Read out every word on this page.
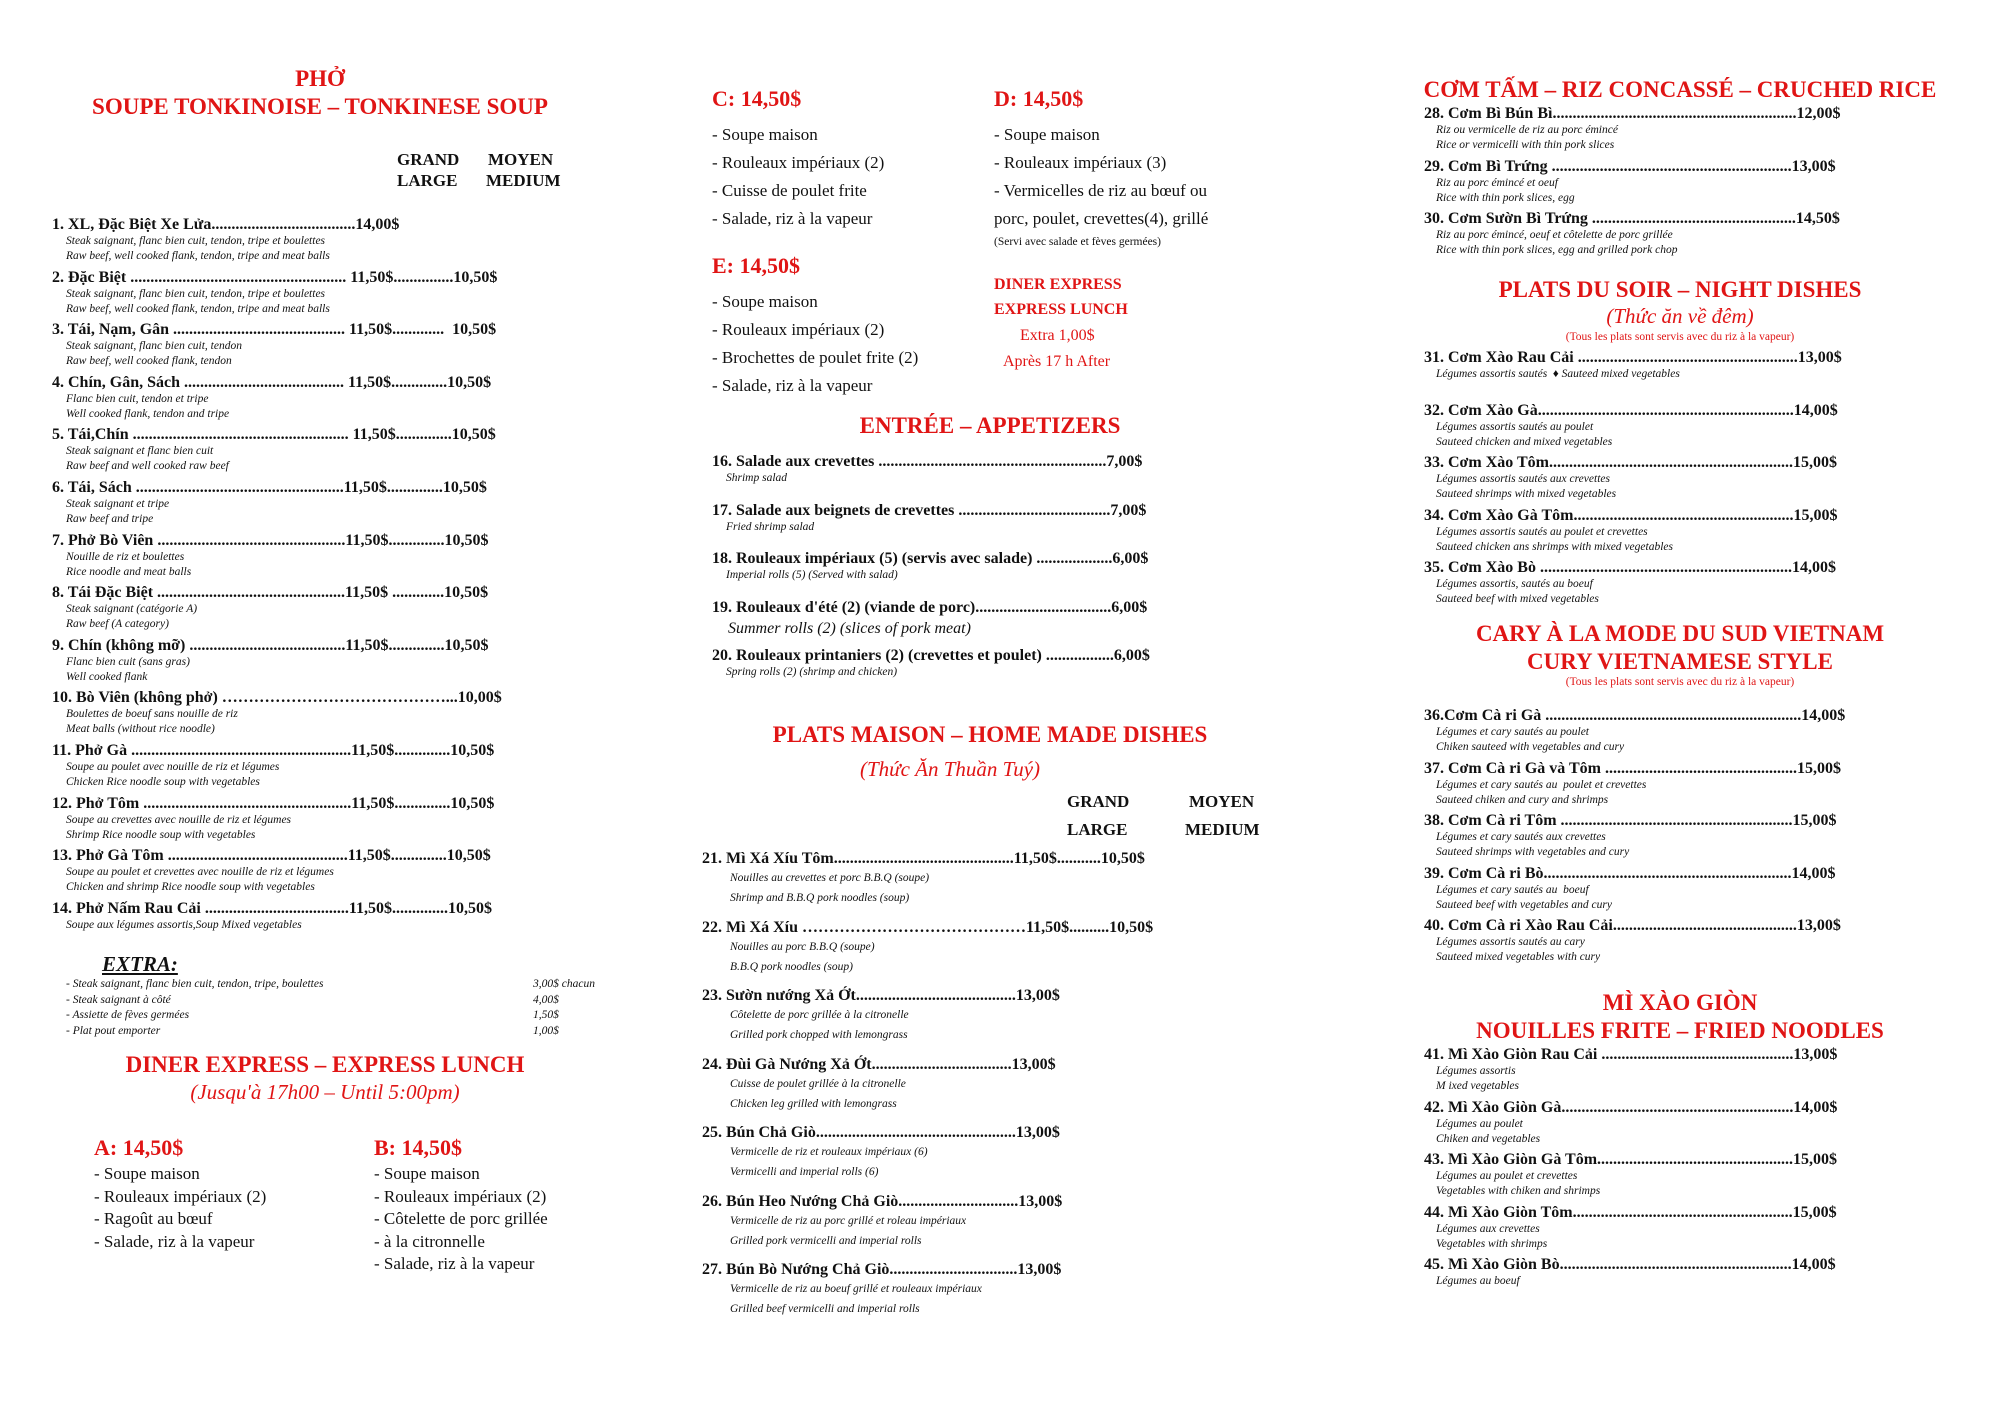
PHỞ
SOUPE TONKINOISE – TONKINESE SOUP
GRAND
LARGE
MOYEN
MEDIUM
1. XL, Đặc Biệt Xe Lửa....................................14,00$
Steak saignant, flanc bien cuit, tendon, tripe et boulettes
Raw beef, well cooked flank, tendon, tripe and meat balls
2. Đặc Biệt ...................................................... 11,50$...............10,50$
Steak saignant, flanc bien cuit, tendon, tripe et boulettes
Raw beef, well cooked flank, tendon, tripe and meat balls
3. Tái, Nạm, Gân ........................................... 11,50$.............  10,50$
Steak saignant, flanc bien cuit, tendon
Raw beef, well cooked flank, tendon
4. Chín, Gân, Sách ........................................ 11,50$..............10,50$
Flanc bien cuit, tendon et tripe
Well cooked flank, tendon and tripe
5. Tái,Chín ...................................................... 11,50$..............10,50$
Steak saignant et flanc bien cuit
Raw beef and well cooked raw beef
6. Tái, Sách ....................................................11,50$..............10,50$
Steak saignant et tripe
Raw beef and tripe
7. Phở Bò Viên ...............................................11,50$..............10,50$
Nouille de riz et boulettes
Rice noodle and meat balls
8. Tái Đặc Biệt ...............................................11,50$ .............10,50$
Steak saignant (catégorie A)
Raw beef (A category)
9. Chín (không mỡ) .......................................11,50$..............10,50$
Flanc bien cuit (sans gras)
Well cooked flank
10. Bò Viên (không phở) ……………………………………...10,00$
Boulettes de boeuf sans nouille de riz
Meat balls (without rice noodle)
11. Phở Gà .......................................................11,50$..............10,50$
Soupe au poulet avec nouille de riz et légumes
Chicken Rice noodle soup with vegetables
12. Phở Tôm ....................................................11,50$..............10,50$
Soupe au crevettes avec nouille de riz et légumes
Shrimp Rice noodle soup with vegetables
13. Phở Gà Tôm .............................................11,50$..............10,50$
Soupe au poulet et crevettes avec nouille de riz et légumes
Chicken and shrimp Rice noodle soup with vegetables
14. Phở Nấm Rau Cải ....................................11,50$..............10,50$
Soupe aux légumes assortis,Soup Mixed vegetables
EXTRA:
- Steak saignant, flanc bien cuit, tendon, tripe, boulettes	3,00$ chacun
- Steak saignant à côté	4,00$
- Assiette de fèves germées	1,50$
- Plat pout emporter	1,00$
DINER EXPRESS – EXPRESS LUNCH
(Jusqu'à 17h00 – Until 5:00pm)
A: 14,50$
- Soupe maison
- Rouleaux impériaux (2)
- Ragoût au bœuf
- Salade, riz à la vapeur
B: 14,50$
- Soupe maison
- Rouleaux impériaux (2)
- Côtelette de porc grillée
- à la citronnelle
- Salade, riz à la vapeur
C: 14,50$
- Soupe maison
- Rouleaux impériaux (2)
- Cuisse de poulet frite
- Salade, riz à la vapeur
D: 14,50$
- Soupe maison
- Rouleaux impériaux (3)
- Vermicelles de riz au bœuf ou
porc, poulet, crevettes(4), grillé
(Servi avec salade et fèves germées)
E: 14,50$
- Soupe maison
- Rouleaux impériaux (2)
- Brochettes de poulet frite (2)
- Salade, riz à la vapeur
DINER EXPRESS
EXPRESS LUNCH
Extra 1,00$
Après 17 h After
ENTRÉE – APPETIZERS
16. Salade aux crevettes .........................................................7,00$
Shrimp salad
17. Salade aux beignets de crevettes ......................................7,00$
Fried shrimp salad
18. Rouleaux impériaux (5) (servis avec salade) ...................6,00$
Imperial rolls (5) (Served with salad)
19. Rouleaux d'été (2) (viande de porc)..................................6,00$
Summer rolls (2) (slices of pork meat)
20. Rouleaux printaniers (2) (crevettes et poulet) .................6,00$
Spring rolls (2) (shrimp and chicken)
PLATS MAISON – HOME MADE DISHES
(Thức Ăn Thuần Tuý)
GRAND
LARGE
MOYEN
MEDIUM
21. Mì Xá Xíu Tôm.............................................11,50$...........10,50$
Nouilles au crevettes et porc B.B.Q (soupe)
Shrimp and B.B.Q pork noodles (soup)
22. Mì Xá Xíu ……………………………………11,50$..........10,50$
Nouilles au porc B.B.Q (soupe)
B.B.Q pork noodles (soup)
23. Sườn nướng Xả Ớt........................................13,00$
Côtelette de porc grillée à la citronelle
Grilled pork chopped with lemongrass
24. Đùi Gà Nướng Xả Ớt...................................13,00$
Cuisse de poulet grillée à la citronelle
Chicken leg grilled with lemongrass
25. Bún Chả Giò..................................................13,00$
Vermicelle de riz et rouleaux impériaux (6)
Vermicelli and imperial rolls (6)
26. Bún Heo Nướng Chả Giò..............................13,00$
Vermicelle de riz au porc grillé et roleau impériaux
Grilled pork vermicelli and imperial rolls
27. Bún Bò Nướng Chả Giò................................13,00$
Vermicelle de riz au boeuf grillé et rouleaux impériaux
Grilled beef vermicelli and imperial rolls
CƠM TẤM – RIZ CONCASSÉ – CRUCHED RICE
28. Cơm Bì Bún Bì.............................................................12,00$
Riz ou vermicelle de riz au porc émincé
Rice or vermicelli with thin pork slices
29. Cơm Bì Trứng ............................................................13,00$
Riz au porc émincé et oeuf
Rice with thin pork slices, egg
30. Cơm Sườn Bì Trứng ...................................................14,50$
Riz au porc émincé, oeuf et côtelette de porc grillée
Rice with thin pork slices, egg and grilled pork chop
PLATS DU SOIR – NIGHT DISHES
(Thức ăn về đêm)
(Tous les plats sont servis avec du riz à la vapeur)
31. Cơm Xào Rau Cải .......................................................13,00$
Légumes assortis sautés  ♦ Sauteed mixed vegetables
32. Cơm Xào Gà................................................................14,00$
Légumes assortis sautés au poulet
Sauteed chicken and mixed vegetables
33. Cơm Xào Tôm.............................................................15,00$
Légumes assortis sautés aux crevettes
Sauteed shrimps with mixed vegetables
34. Cơm Xào Gà Tôm.......................................................15,00$
Légumes assortis sautés au poulet et crevettes
Sauteed chicken ans shrimps with mixed vegetables
35. Cơm Xào Bò ...............................................................14,00$
Légumes assortis, sautés au boeuf
Sauteed beef with mixed vegetables
CARY À LA MODE DU SUD VIETNAM
CURY VIETNAMESE STYLE
(Tous les plats sont servis avec du riz à la vapeur)
36.Cơm Cà ri Gà ................................................................14,00$
Légumes et cary sautés au poulet
Chiken sauteed with vegetables and cury
37. Cơm Cà ri Gà và Tôm ................................................15,00$
Légumes et cary sautés au  poulet et crevettes
Sauteed chiken and cury and shrimps
38. Cơm Cà ri Tôm ..........................................................15,00$
Légumes et cary sautés aux crevettes
Sauteed shrimps with vegetables and cury
39. Cơm Cà ri Bò..............................................................14,00$
Légumes et cary sautés au  boeuf
Sauteed beef with vegetables and cury
40. Cơm Cà ri Xào Rau Cải..............................................13,00$
Légumes assortis sautés au cary
Sauteed mixed vegetables with cury
MÌ XÀO GIÒN
NOUILLES FRITE – FRIED NOODLES
41. Mì Xào Giòn Rau Cải ................................................13,00$
Légumes assortis
M ixed vegetables
42. Mì Xào Giòn Gà..........................................................14,00$
Légumes au poulet
Chiken and vegetables
43. Mì Xào Giòn Gà Tôm.................................................15,00$
Légumes au poulet et crevettes
Vegetables with chiken and shrimps
44. Mì Xào Giòn Tôm.......................................................15,00$
Légumes aux crevettes
Vegetables with shrimps
45. Mì Xào Giòn Bò..........................................................14,00$
Légumes au boeuf
